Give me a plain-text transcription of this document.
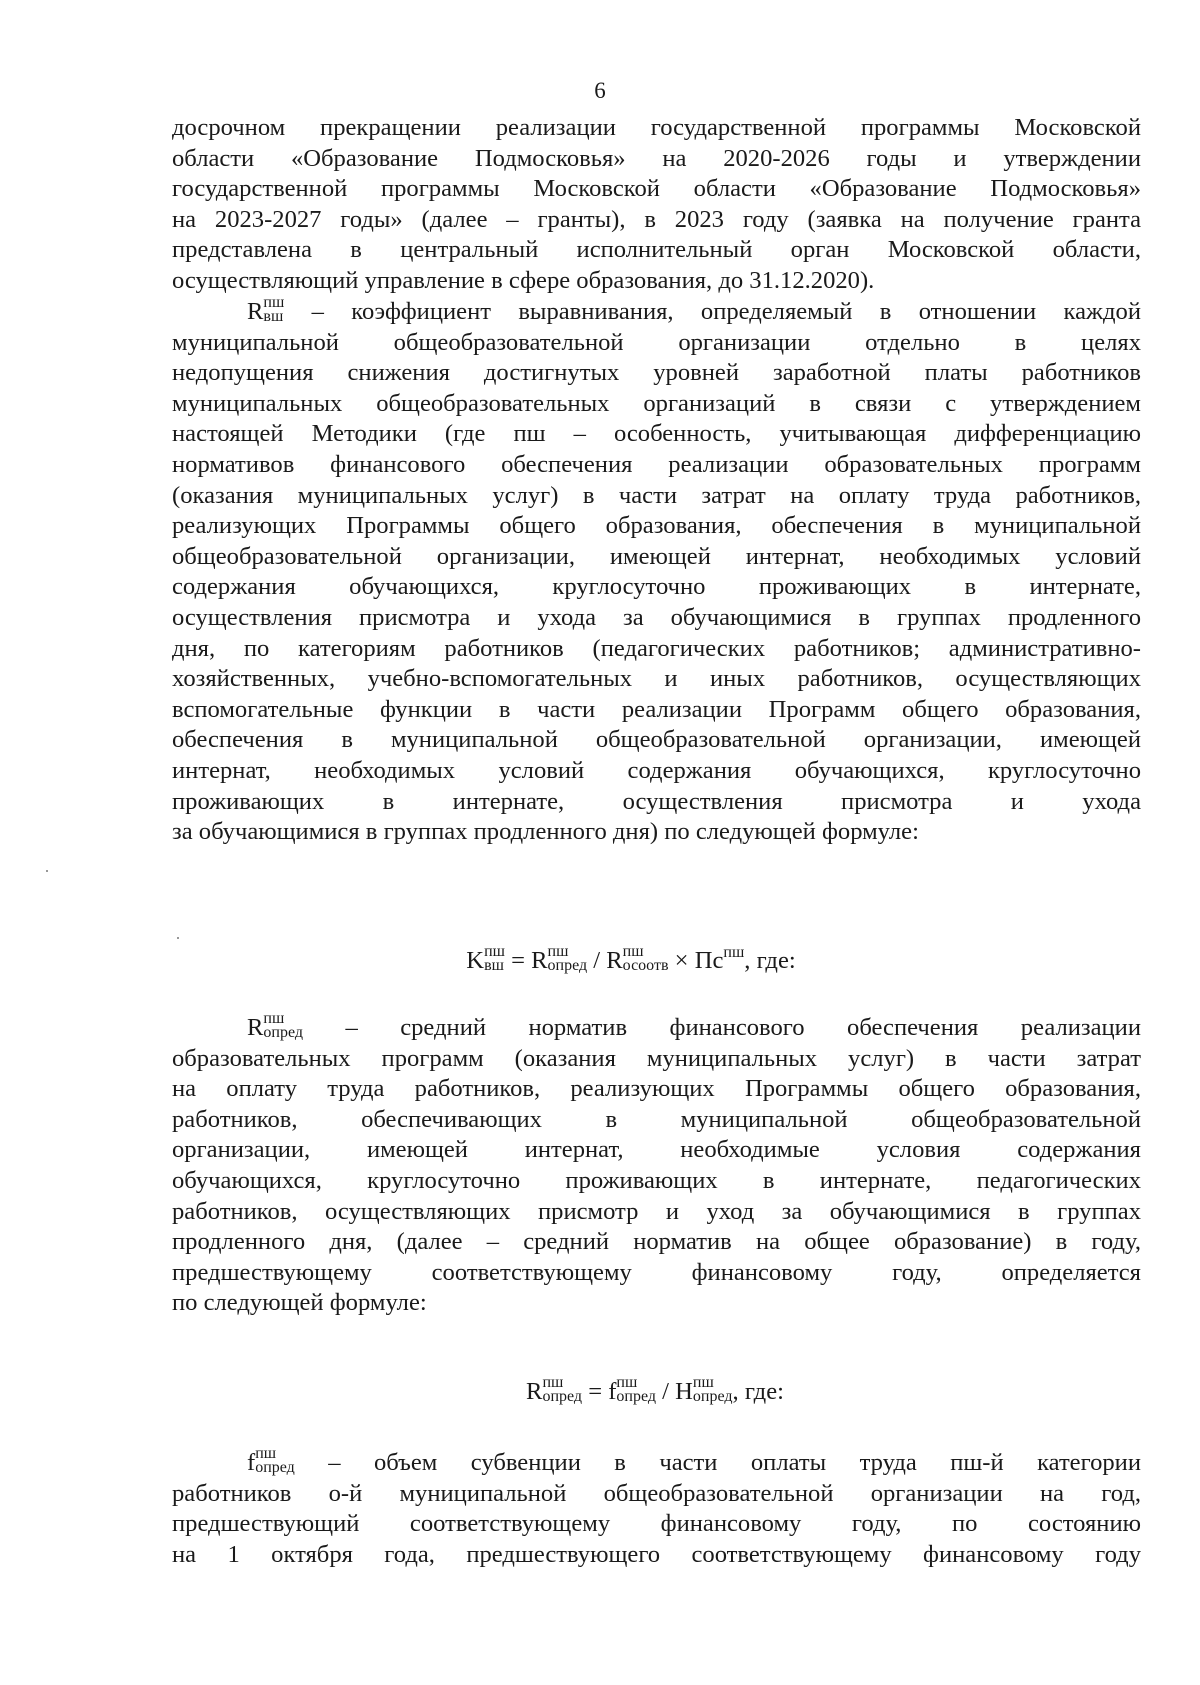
6
досрочном прекращении реализации государственной программы Московской
области «Образование Подмосковья» на 2020-2026 годы и утверждении
государственной программы Московской области «Образование Подмосковья»
на 2023-2027 годы» (далее – гранты), в 2023 году (заявка на получение гранта
представлена в центральный исполнительный орган Московской области,
осуществляющий управление в сфере образования, до 31.12.2020).
R пш
вш – коэффициент выравнивания, определяемый в отношении каждой
муниципальной общеобразовательной организации отдельно в целях
недопущения снижения достигнутых уровней заработной платы работников
муниципальных общеобразовательных организаций в связи с утверждением
настоящей Методики (где пш – особенность, учитывающая дифференциацию
нормативов финансового обеспечения реализации образовательных программ
(оказания муниципальных услуг) в части затрат на оплату труда работников,
реализующих Программы общего образования, обеспечения в муниципальной
общеобразовательной организации, имеющей интернат, необходимых условий
содержания обучающихся, круглосуточно проживающих в интернате,
осуществления присмотра и ухода за обучающимися в группах продленного
дня, по категориям работников (педагогических работников; административно-
хозяйственных, учебно-вспомогательных и иных работников, осуществляющих
вспомогательные функции в части реализации Программ общего образования,
обеспечения в муниципальной общеобразовательной организации, имеющей
интернат, необходимых условий содержания обучающихся, круглосуточно
проживающих в интернате, осуществления присмотра и ухода
за обучающимися в группах продленного дня) по следующей формуле:
K пш
вш = R пш
опред / R пш
осоотв × $Пс^{пш}$, где:
R пш
опред – средний норматив финансового обеспечения реализации
образовательных программ (оказания муниципальных услуг) в части затрат
на оплату труда работников, реализующих Программы общего образования,
работников, обеспечивающих в муниципальной общеобразовательной
организации, имеющей интернат, необходимые условия содержания
обучающихся, круглосуточно проживающих в интернате, педагогических
работников, осуществляющих присмотр и уход за обучающимися в группах
продленного дня, (далее – средний норматив на общее образование) в году,
предшествующему соответствующему финансовому году, определяется
по следующей формуле:
R пш
опред = f пш
опред / Н пш
опред , где:
f пш
опред – объем субвенции в части оплаты труда пш-й категории
работников о-й муниципальной общеобразовательной организации на год,
предшествующий соответствующему финансовому году, по состоянию
на 1 октября года, предшествующего соответствующему финансовому году
